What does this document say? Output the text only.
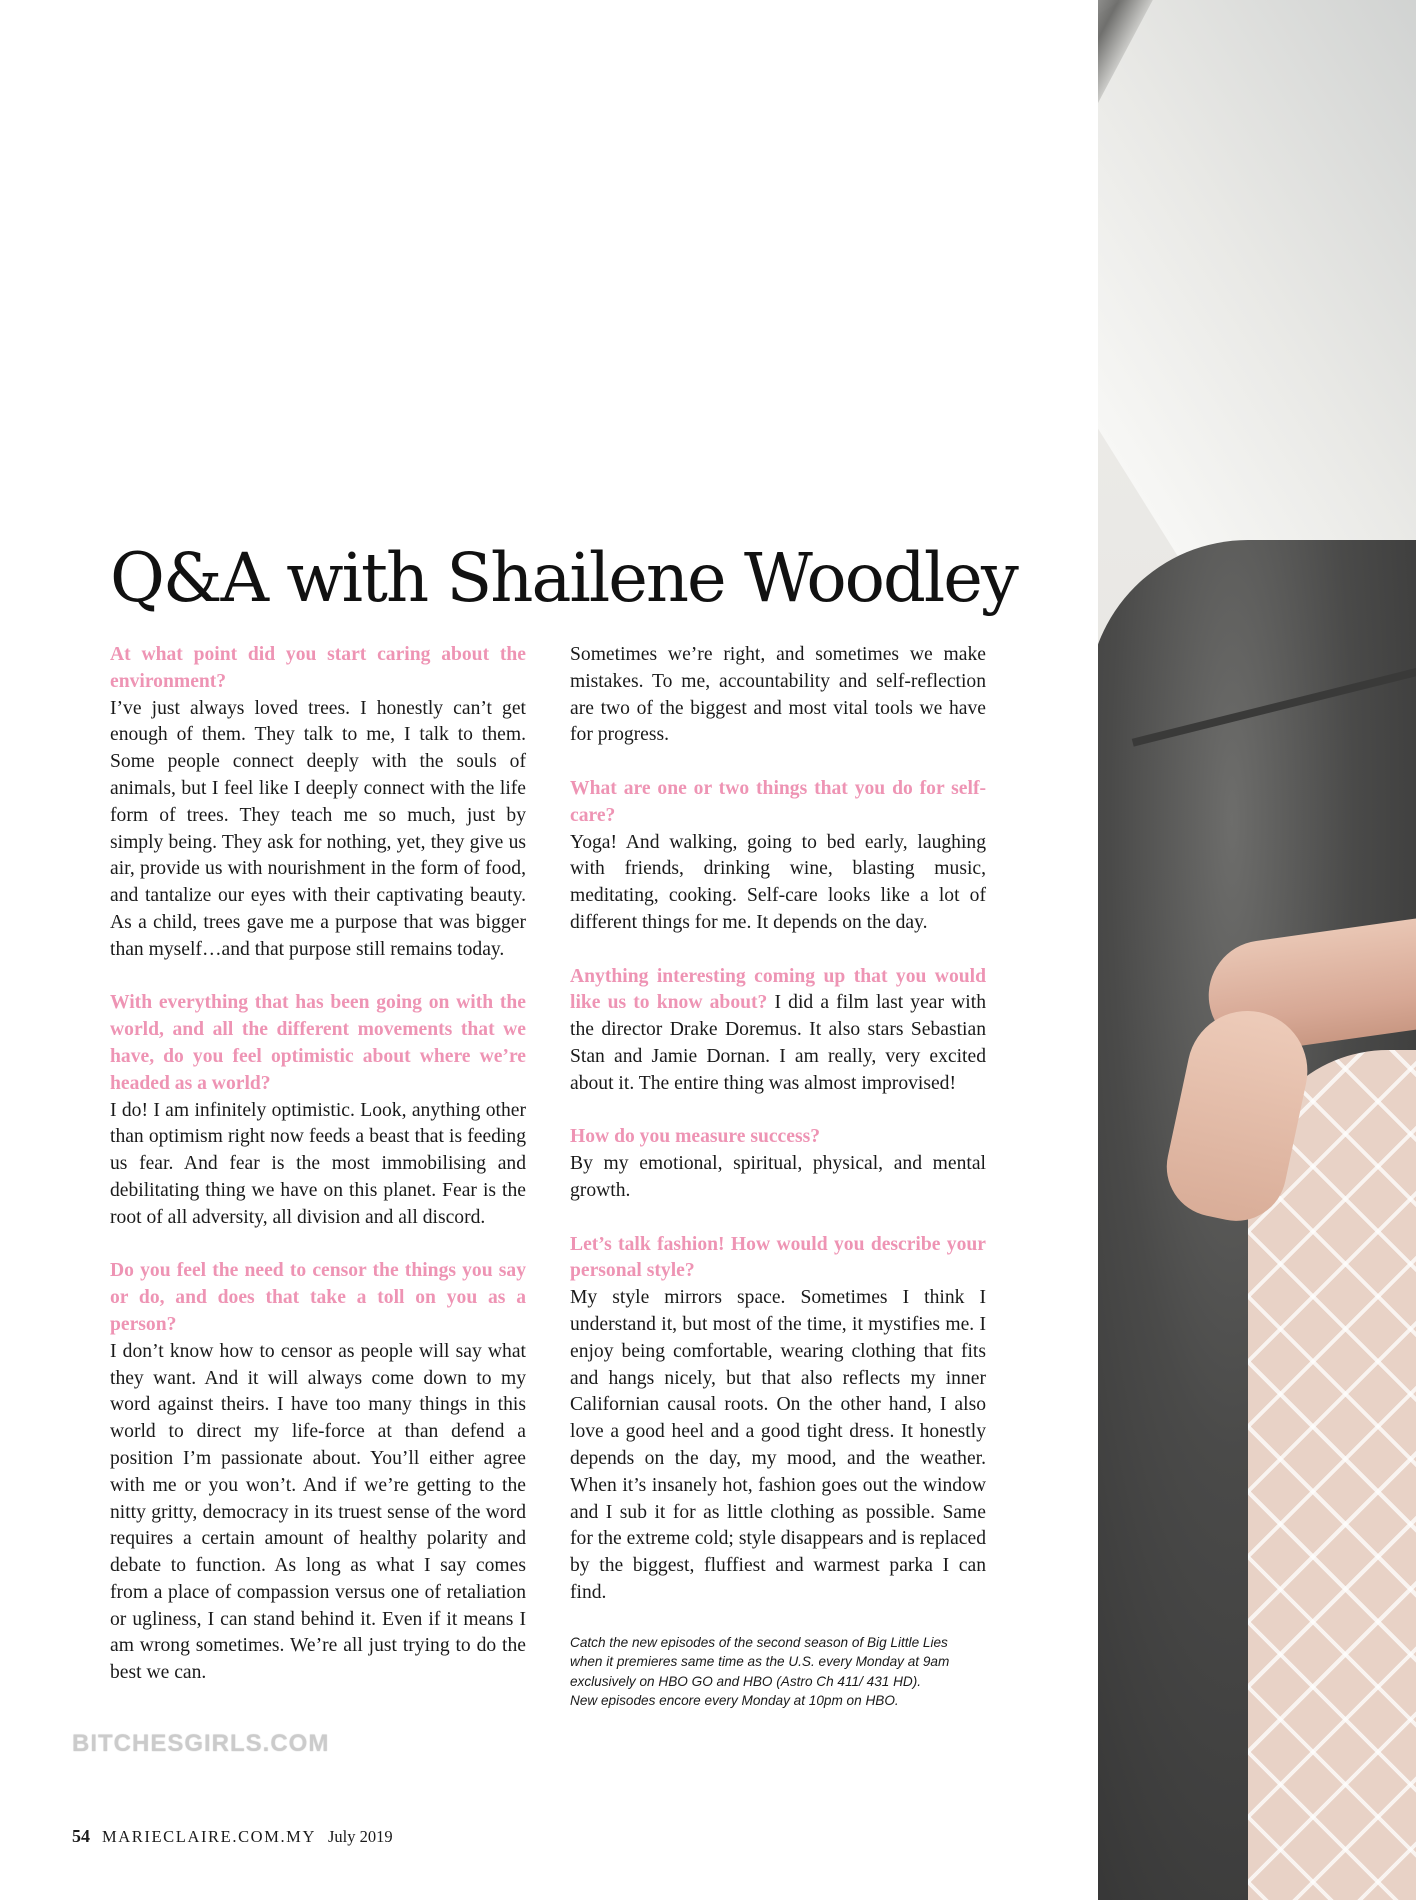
Q&A with Shailene Woodley
At what point did you start caring about the environment?
I’ve just always loved trees. I honestly can’t get enough of them. They talk to me, I talk to them. Some people connect deeply with the souls of animals, but I feel like I deeply connect with the life form of trees. They teach me so much, just by simply being. They ask for nothing, yet, they give us air, provide us with nourishment in the form of food, and tantalize our eyes with their captivating beauty. As a child, trees gave me a purpose that was bigger than myself…and that purpose still remains today.
With everything that has been going on with the world, and all the different movements that we have, do you feel optimistic about where we’re headed as a world?
I do! I am infinitely optimistic. Look, anything other than optimism right now feeds a beast that is feeding us fear. And fear is the most immobilising and debilitating thing we have on this planet. Fear is the root of all adversity, all division and all discord.
Do you feel the need to censor the things you say or do, and does that take a toll on you as a person?
I don’t know how to censor as people will say what they want. And it will always come down to my word against theirs. I have too many things in this world to direct my life-force at than defend a position I’m passionate about. You’ll either agree with me or you won’t. And if we’re getting to the nitty gritty, democracy in its truest sense of the word requires a certain amount of healthy polarity and debate to function. As long as what I say comes from a place of compassion versus one of retaliation or ugliness, I can stand behind it. Even if it means I am wrong sometimes. We’re all just trying to do the best we can.
Sometimes we’re right, and sometimes we make mistakes. To me, accountability and self-reflection are two of the biggest and most vital tools we have for progress.
What are one or two things that you do for self-care?
Yoga! And walking, going to bed early, laughing with friends, drinking wine, blasting music, meditating, cooking. Self-care looks like a lot of different things for me. It depends on the day.
Anything interesting coming up that you would like us to know about? I did a film last year with the director Drake Doremus. It also stars Sebastian Stan and Jamie Dornan. I am really, very excited about it. The entire thing was almost improvised!
How do you measure success?
By my emotional, spiritual, physical, and mental growth.
Let’s talk fashion! How would you describe your personal style?
My style mirrors space. Sometimes I think I understand it, but most of the time, it mystifies me. I enjoy being comfortable, wearing clothing that fits and hangs nicely, but that also reflects my inner Californian causal roots. On the other hand, I also love a good heel and a good tight dress. It honestly depends on the day, my mood, and the weather. When it’s insanely hot, fashion goes out the window and I sub it for as little clothing as possible. Same for the extreme cold; style disappears and is replaced by the biggest, fluffiest and warmest parka I can find.
Catch the new episodes of the second season of Big Little Lies
when it premieres same time as the U.S. every Monday at 9am
exclusively on HBO GO and HBO (Astro Ch 411/ 431 HD).
New episodes encore every Monday at 10pm on HBO.
BITCHESGIRLS.COM
54 MARIECLAIRE.COM.MY July 2019
